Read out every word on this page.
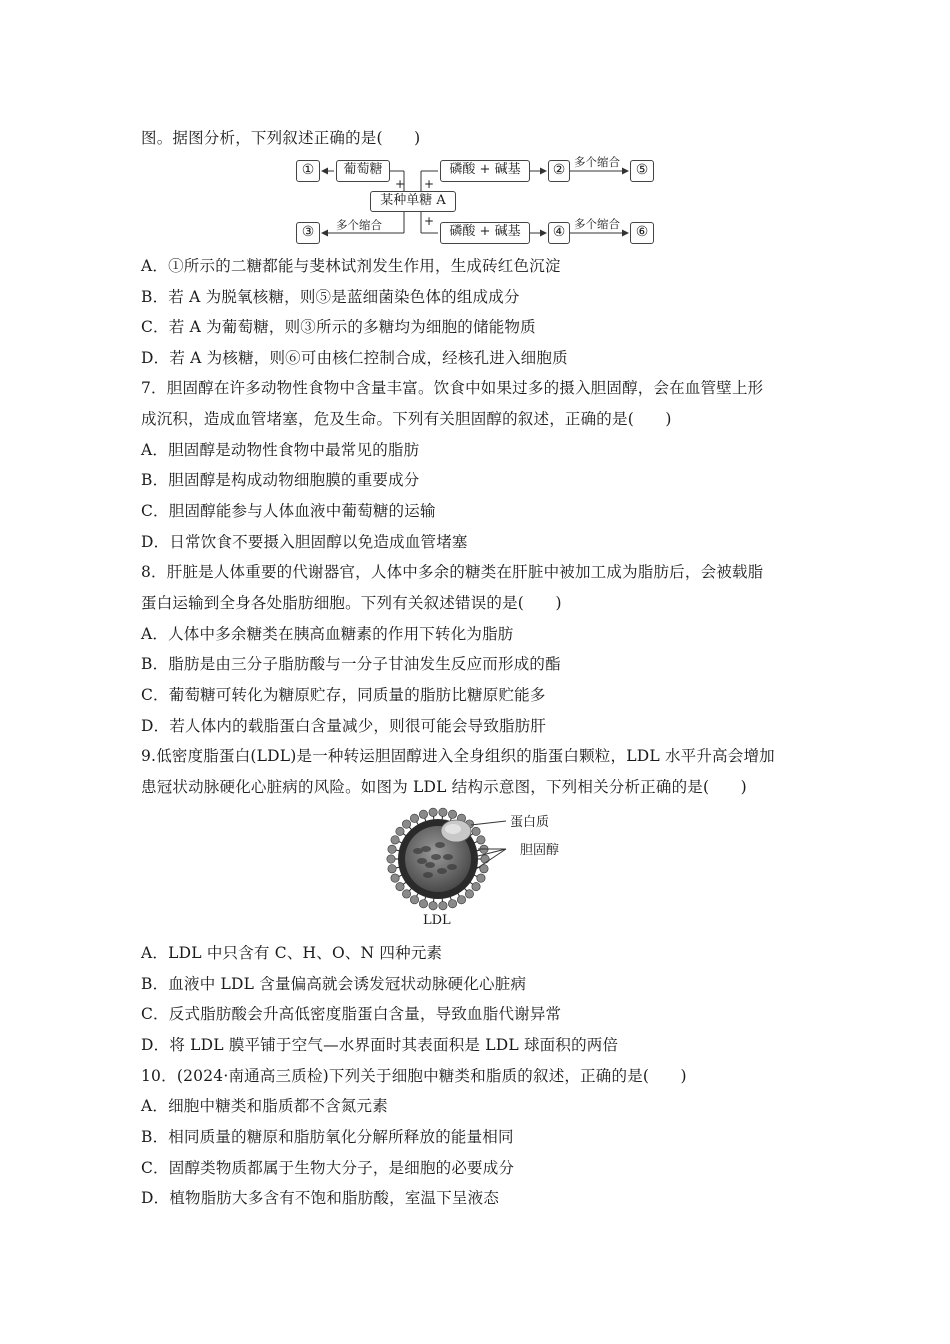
图。据图分析，下列叙述正确的是(　　)
①	葡萄糖	磷酸 + 碱基	② 多个缩合	⑤
+ +
某种单糖 A
+
③	多个缩合	磷酸 + 碱基	④ 多个缩合	⑥
A．①所示的二糖都能与斐林试剂发生作用，生成砖红色沉淀
B．若 A 为脱氧核糖，则⑤是蓝细菌染色体的组成成分
C．若 A 为葡萄糖，则③所示的多糖均为细胞的储能物质
D．若 A 为核糖，则⑥可由核仁控制合成，经核孔进入细胞质
7．胆固醇在许多动物性食物中含量丰富。饮食中如果过多的摄入胆固醇，会在血管壁上形
成沉积，造成血管堵塞，危及生命。下列有关胆固醇的叙述，正确的是(　　)
A．胆固醇是动物性食物中最常见的脂肪
B．胆固醇是构成动物细胞膜的重要成分
C．胆固醇能参与人体血液中葡萄糖的运输
D．日常饮食不要摄入胆固醇以免造成血管堵塞
8．肝脏是人体重要的代谢器官，人体中多余的糖类在肝脏中被加工成为脂肪后，会被载脂
蛋白运输到全身各处脂肪细胞。下列有关叙述错误的是(　　)
A．人体中多余糖类在胰高血糖素的作用下转化为脂肪
B．脂肪是由三分子脂肪酸与一分子甘油发生反应而形成的酯
C．葡萄糖可转化为糖原贮存，同质量的脂肪比糖原贮能多
D．若人体内的载脂蛋白含量减少，则很可能会导致脂肪肝
9.低密度脂蛋白(LDL)是一种转运胆固醇进入全身组织的脂蛋白颗粒，LDL 水平升高会增加
患冠状动脉硬化心脏病的风险。如图为 LDL 结构示意图，下列相关分析正确的是(　　)
蛋白质
胆固醇
LDL
A．LDL 中只含有 C、H、O、N 四种元素
B．血液中 LDL 含量偏高就会诱发冠状动脉硬化心脏病
C．反式脂肪酸会升高低密度脂蛋白含量，导致血脂代谢异常
D．将 LDL 膜平铺于空气—水界面时其表面积是 LDL 球面积的两倍
10．(2024·南通高三质检)下列关于细胞中糖类和脂质的叙述，正确的是(　　)
A．细胞中糖类和脂质都不含氮元素
B．相同质量的糖原和脂肪氧化分解所释放的能量相同
C．固醇类物质都属于生物大分子，是细胞的必要成分
D．植物脂肪大多含有不饱和脂肪酸，室温下呈液态
